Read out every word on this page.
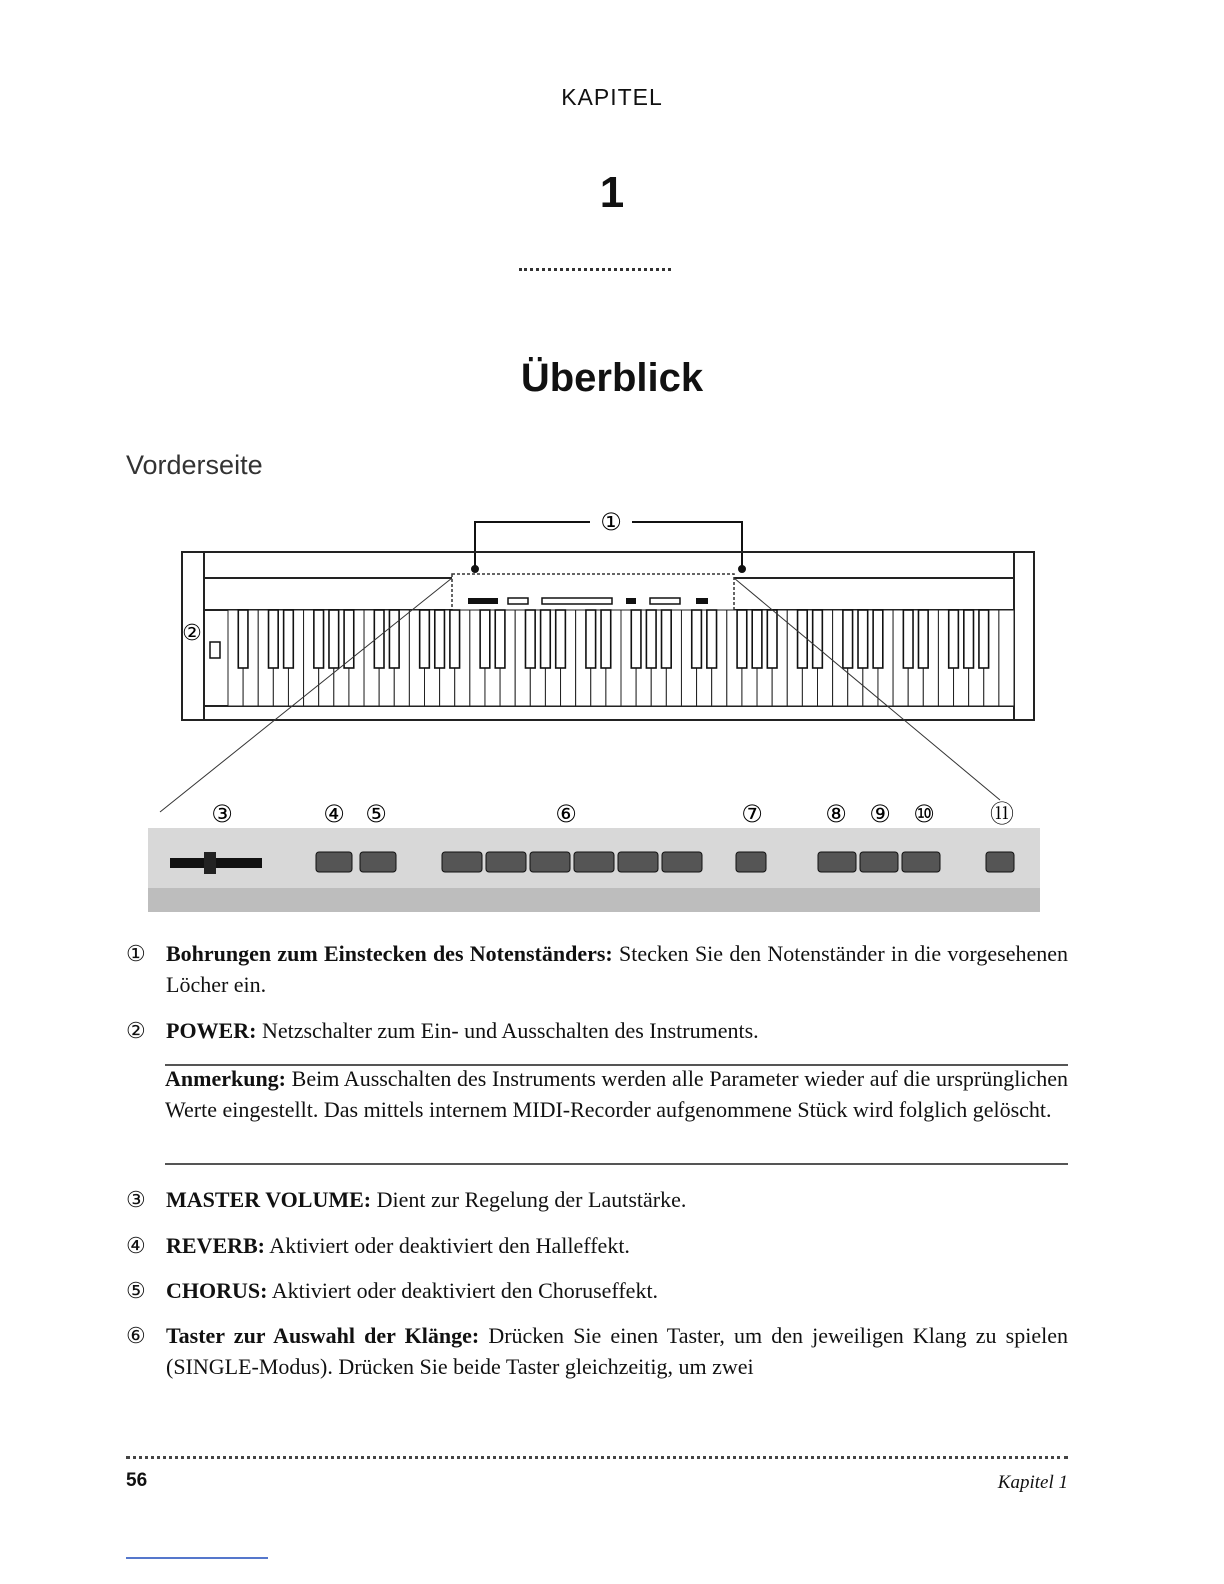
KAPITEL
1
Überblick
Vorderseite
①
②
③	④ ⑤	⑥	⑦	⑧ ⑨ ⑩ ⑪
① Bohrungen zum Einstecken des Notenständers: Stecken Sie den Notenständer in die vorgesehenen Löcher ein.
② POWER: Netzschalter zum Ein- und Ausschalten des Instruments.
Anmerkung: Beim Ausschalten des Instruments werden alle Parameter wieder auf die ursprünglichen Werte eingestellt. Das mittels internem MIDI-Recorder aufgenommene Stück wird folglich gelöscht.
③ MASTER VOLUME: Dient zur Regelung der Lautstärke.
④ REVERB: Aktiviert oder deaktiviert den Halleffekt.
⑤ CHORUS: Aktiviert oder deaktiviert den Choruseffekt.
⑥ Taster zur Auswahl der Klänge: Drücken Sie einen Taster, um den jeweiligen Klang zu spielen (SINGLE-Modus). Drücken Sie beide Taster gleichzeitig, um zwei
56	Kapitel 1
